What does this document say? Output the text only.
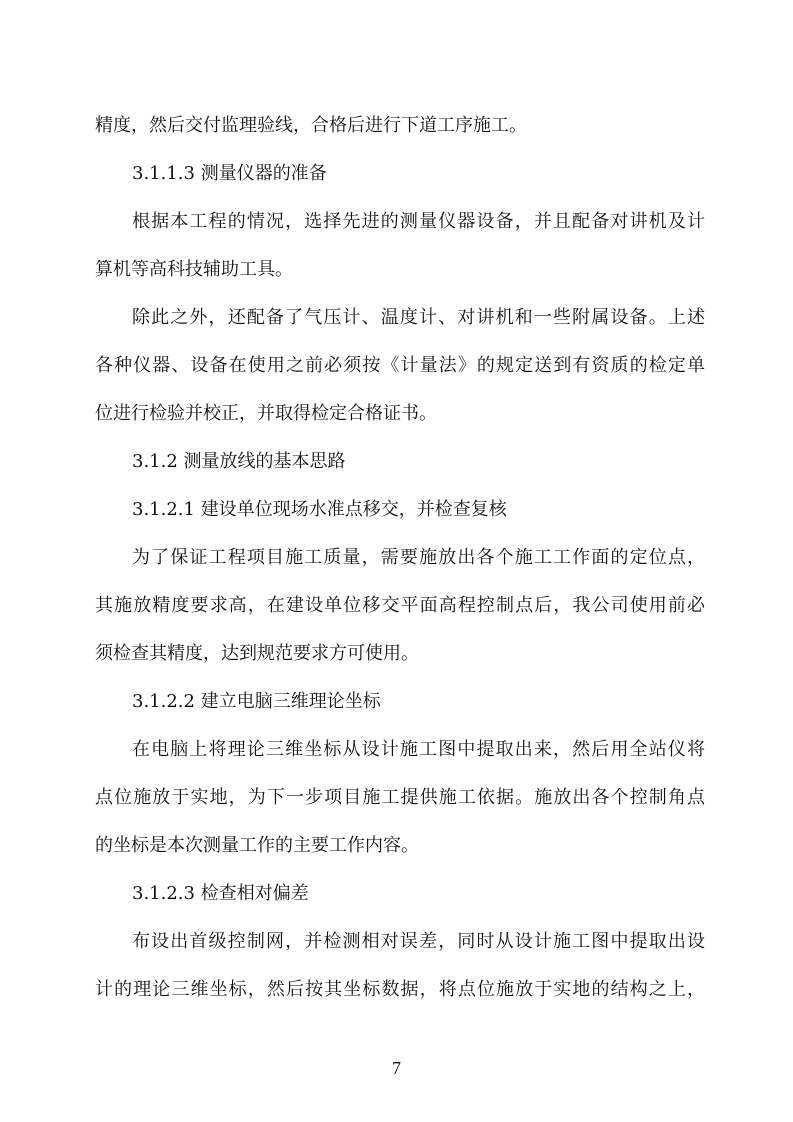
精度，然后交付监理验线，合格后进行下道工序施工。
3.1.1.3 测量仪器的准备
根据本工程的情况，选择先进的测量仪器设备，并且配备对讲机及计
算机等高科技辅助工具。
除此之外，还配备了气压计、温度计、对讲机和一些附属设备。上述
各种仪器、设备在使用之前必须按《计量法》的规定送到有资质的检定单
位进行检验并校正，并取得检定合格证书。
3.1.2 测量放线的基本思路
3.1.2.1 建设单位现场水准点移交，并检查复核
为了保证工程项目施工质量，需要施放出各个施工工作面的定位点，
其施放精度要求高，在建设单位移交平面高程控制点后，我公司使用前必
须检查其精度，达到规范要求方可使用。
3.1.2.2 建立电脑三维理论坐标
在电脑上将理论三维坐标从设计施工图中提取出来，然后用全站仪将
点位施放于实地，为下一步项目施工提供施工依据。施放出各个控制角点
的坐标是本次测量工作的主要工作内容。
3.1.2.3 检查相对偏差
布设出首级控制网，并检测相对误差，同时从设计施工图中提取出设
计的理论三维坐标，然后按其坐标数据，将点位施放于实地的结构之上，
7
